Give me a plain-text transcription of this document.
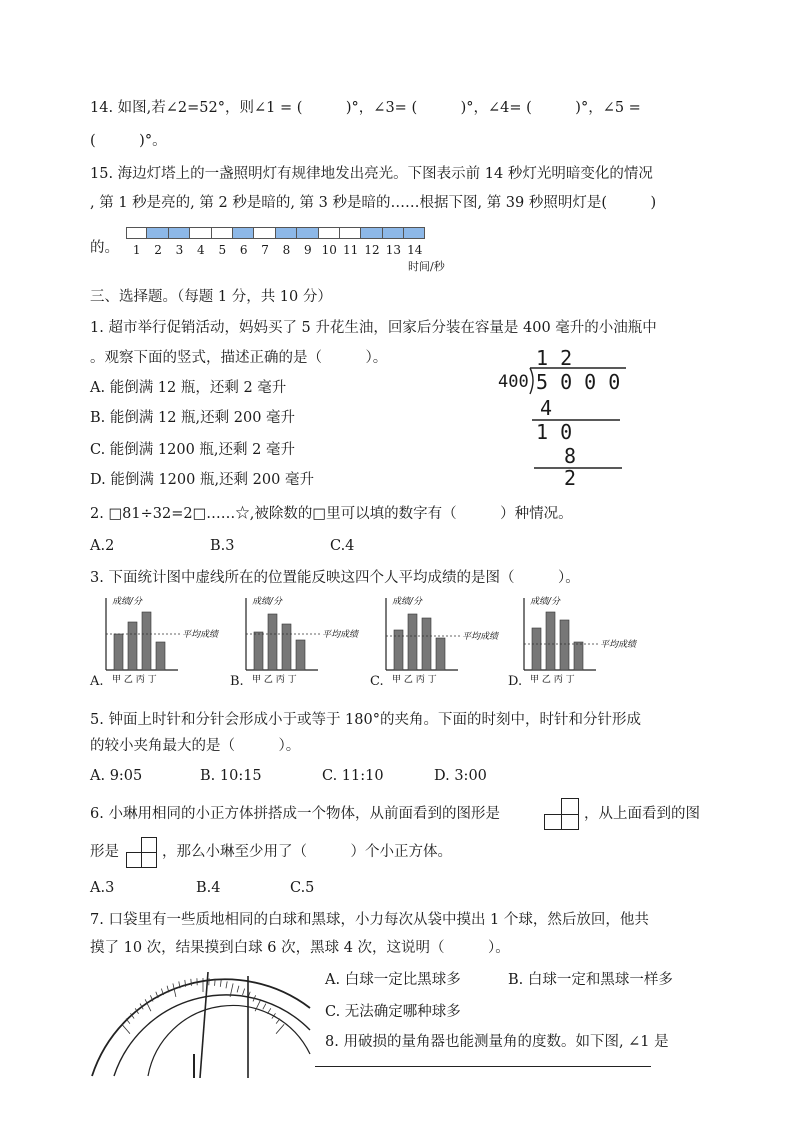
14. 如图,若∠2=52°，则∠1 = (　　　)°，∠3= (　　　)°，∠4= (　　　)°，∠5 =
(　　　)°。
15. 海边灯塔上的一盏照明灯有规律地发出亮光。下图表示前 14 秒灯光明暗变化的情况
, 第 1 秒是亮的, 第 2 秒是暗的, 第 3 秒是暗的……根据下图, 第 39 秒照明灯是(　　　)
的。	1	2	3	4	5	6	7	8	9 10 11 12 13 14
时间/秒
三、选择题。（每题 1 分，共 10 分）
1. 超市举行促销活动，妈妈买了 5 升花生油，回家后分装在容量是 400 毫升的小油瓶中
。观察下面的竖式，描述正确的是（　　　）。
A. 能倒满 12 瓶，还剩 2 毫升
B. 能倒满 12 瓶,还剩 200 毫升
C. 能倒满 1200 瓶,还剩 2 毫升
D. 能倒满 1200 瓶,还剩 200 毫升
1 2
400 5 0 0 0
4
1 0
8
2
2. □81÷32=2□……☆,被除数的□里可以填的数字有（　　　）种情况。
A.2	B.3	C.4
3. 下面统计图中虚线所在的位置能反映这四个人平均成绩的是图（　　　）。
成绩/分
平均成绩
甲 乙 丙 丁
A.
成绩/分
平均成绩
甲 乙 丙 丁
B.
成绩/分
平均成绩
甲 乙 丙 丁
C.
成绩/分
平均成绩
甲 乙 丙 丁
D.
5. 钟面上时针和分针会形成小于或等于 180°的夹角。下面的时刻中，时针和分针形成
的较小夹角最大的是（　　　）。
A. 9:05	B. 10:15	C. 11:10	D. 3:00
6. 小琳用相同的小正方体拼搭成一个物体，从前面看到的图形是	，从上面看到的图
形是	，那么小琳至少用了（　　　）个小正方体。
A.3	B.4	C.5
7. 口袋里有一些质地相同的白球和黑球，小力每次从袋中摸出 1 个球，然后放回，他共
摸了 10 次，结果摸到白球 6 次，黑球 4 次，这说明（　　　）。
A. 白球一定比黑球多	B. 白球一定和黑球一样多
C. 无法确定哪种球多
8. 用破损的量角器也能测量角的度数。如下图, ∠1 是
